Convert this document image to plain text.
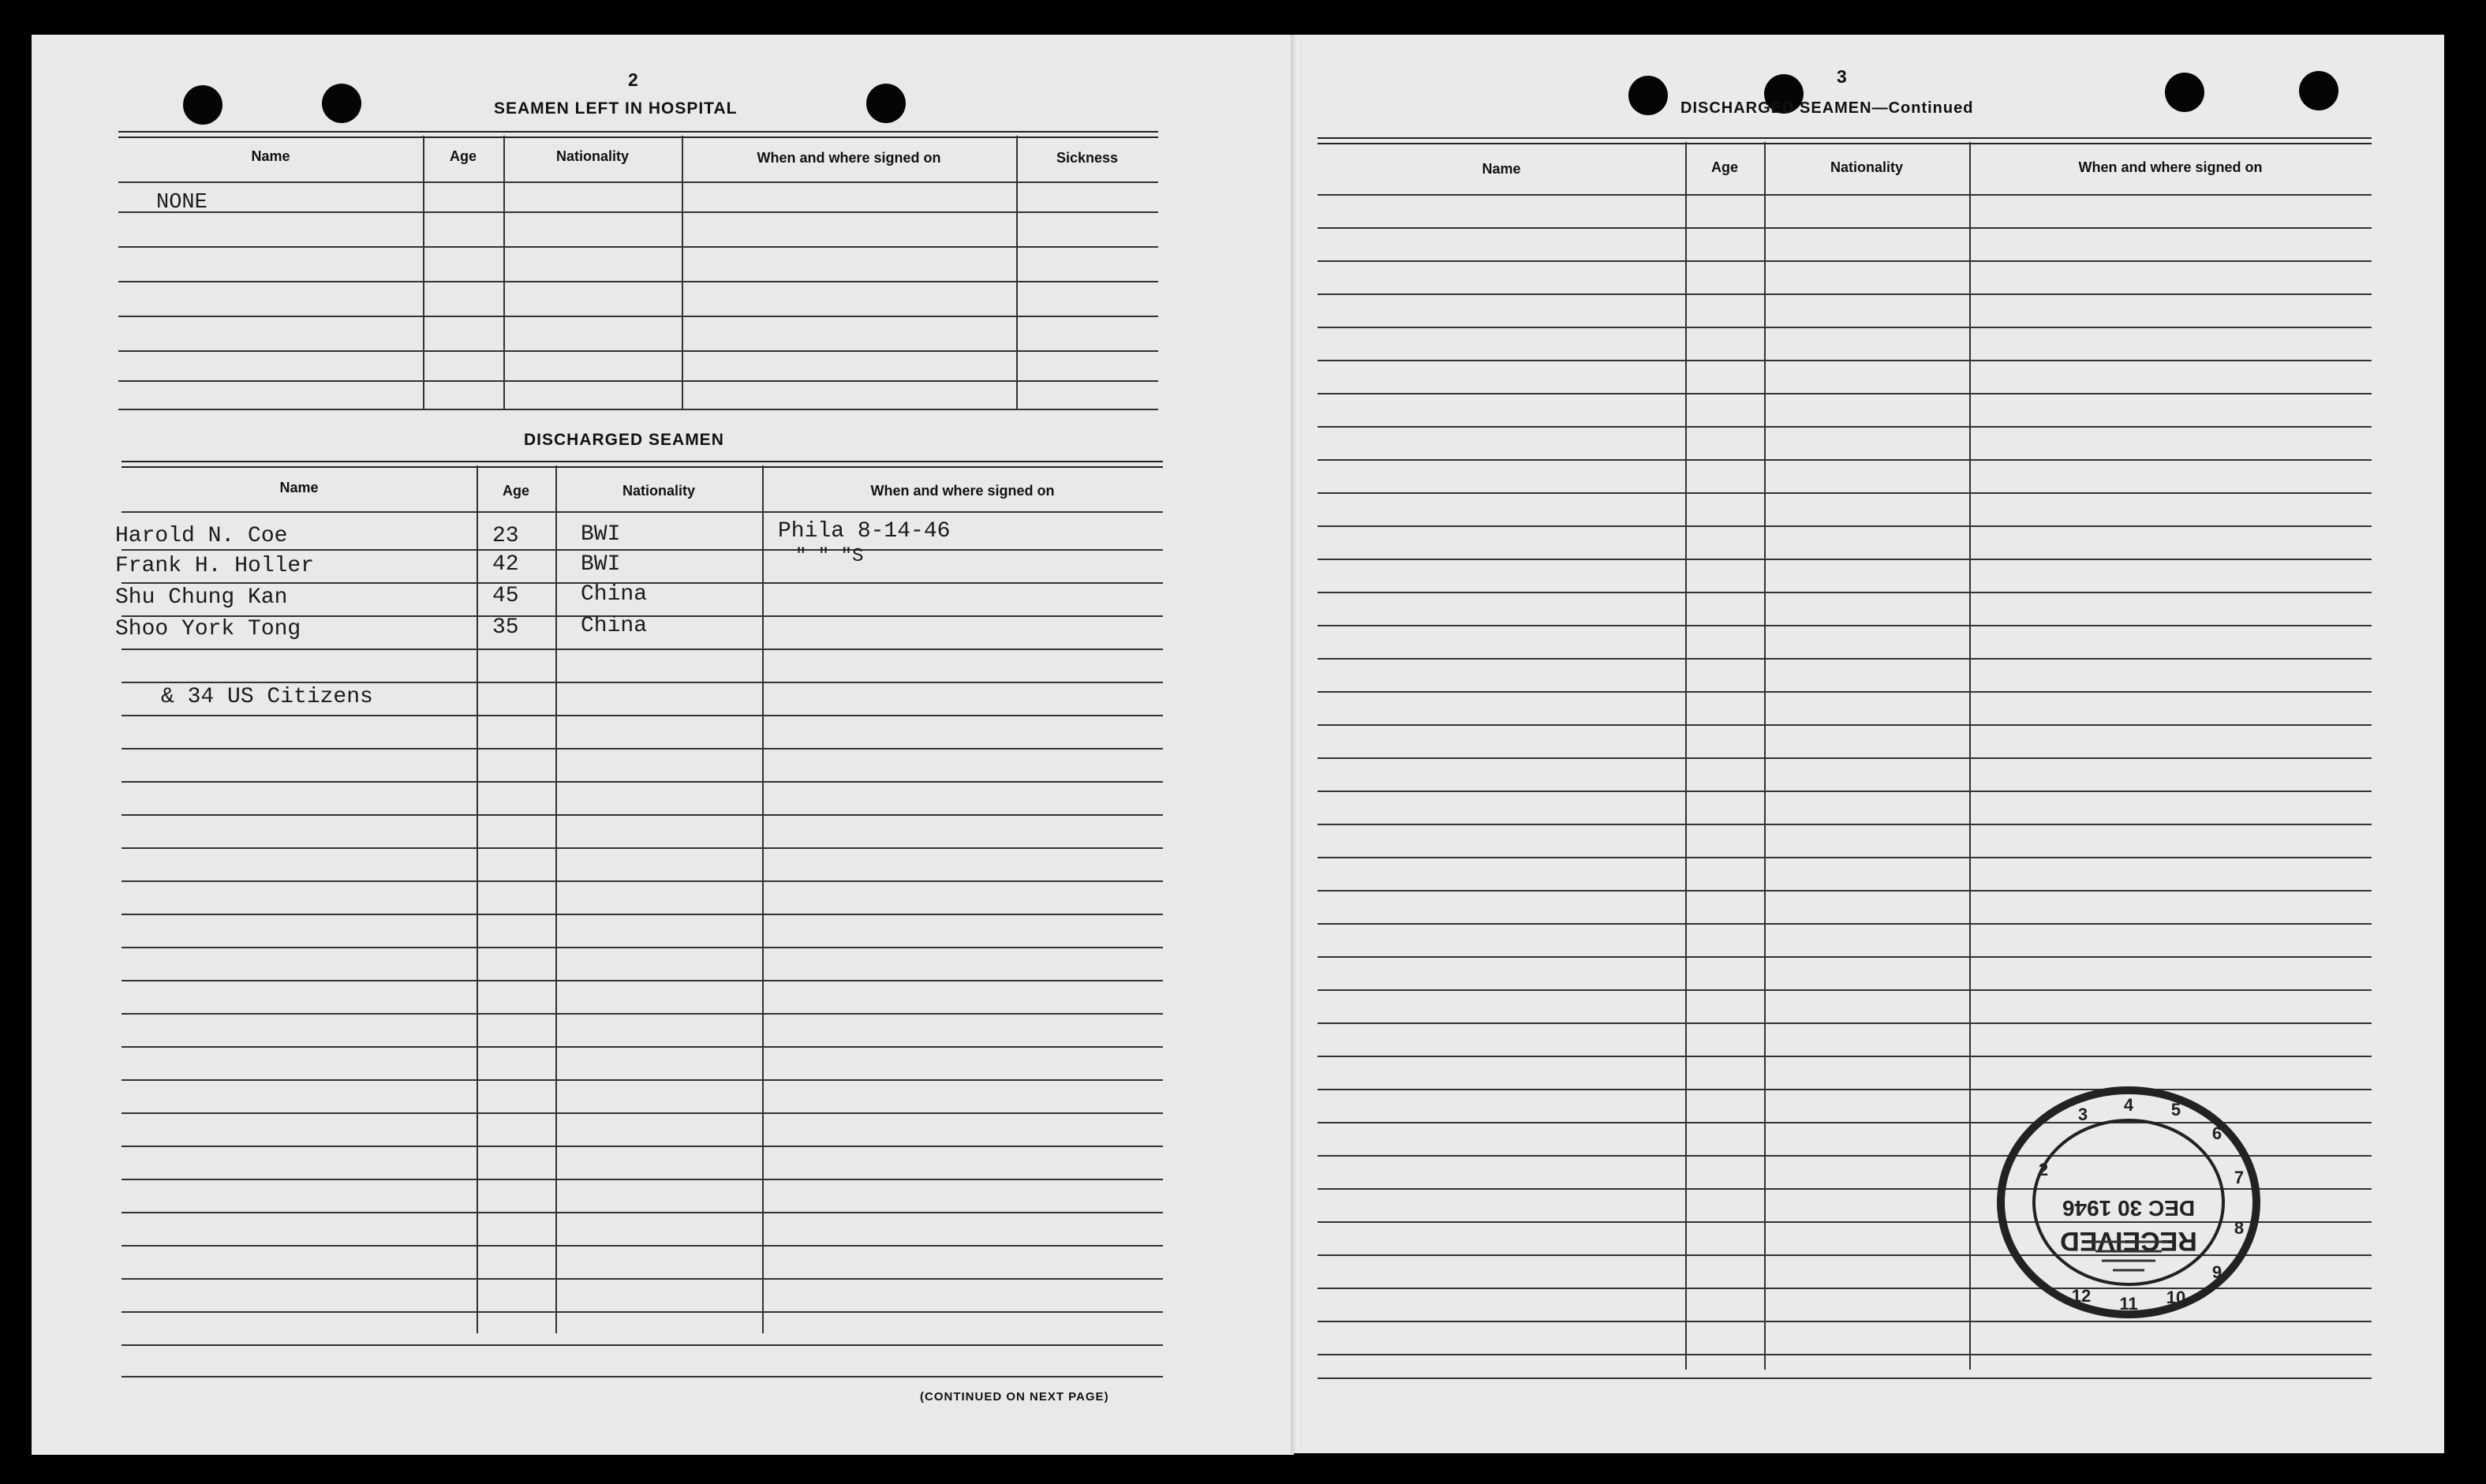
2
SEAMEN LEFT IN HOSPITAL
Name	Age	Nationality	When and where signed on	Sickness
NONE
DISCHARGED SEAMEN
Name	Age	Nationality	When and where signed on
Harold N. Coe	23	BWI	Phila 8-14-46
Frank H. Holler	42	BWI	" " "S
Shu Chung Kan	45	China
Shoo York Tong	35	China
& 34 US Citizens
(CONTINUED ON NEXT PAGE)
3
DISCHARGED SEAMEN—Continued
Name	Age	Nationality	When and where signed on
2
3 4 5
6
7
8
9
10
11
12
RECEIVED
DEC 30 1946
